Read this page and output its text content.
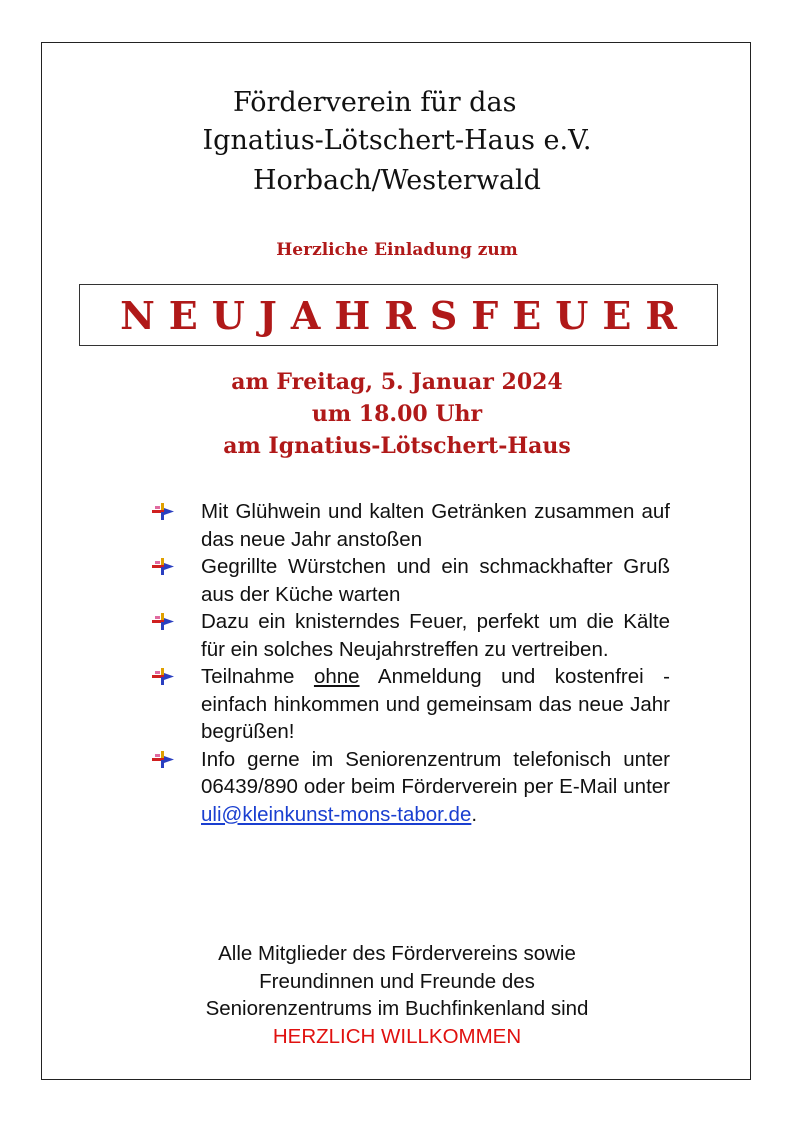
Förderverein für das
Ignatius-Lötschert-Haus e.V.
Horbach/Westerwald
Herzliche Einladung zum
NEUJAHRSFEUER
am Freitag, 5. Januar 2024
um 18.00 Uhr
am Ignatius-Lötschert-Haus
Mit Glühwein und kalten Getränken zusammen auf das neue Jahr anstoßen
Gegrillte Würstchen und ein schmackhafter Gruß aus der Küche warten
Dazu ein knisterndes Feuer, perfekt um die Kälte für ein solches Neujahrstreffen zu vertreiben.
Teilnahme ohne Anmeldung und kostenfrei - einfach hinkommen und gemeinsam das neue Jahr begrüßen!
Info gerne im Seniorenzentrum telefonisch unter 06439/890 oder beim Förderverein per E-Mail unter uli@kleinkunst-mons-tabor.de.
Alle Mitglieder des Fördervereins sowie
Freundinnen und Freunde des
Seniorenzentrums im Buchfinkenland sind
HERZLICH WILLKOMMEN
